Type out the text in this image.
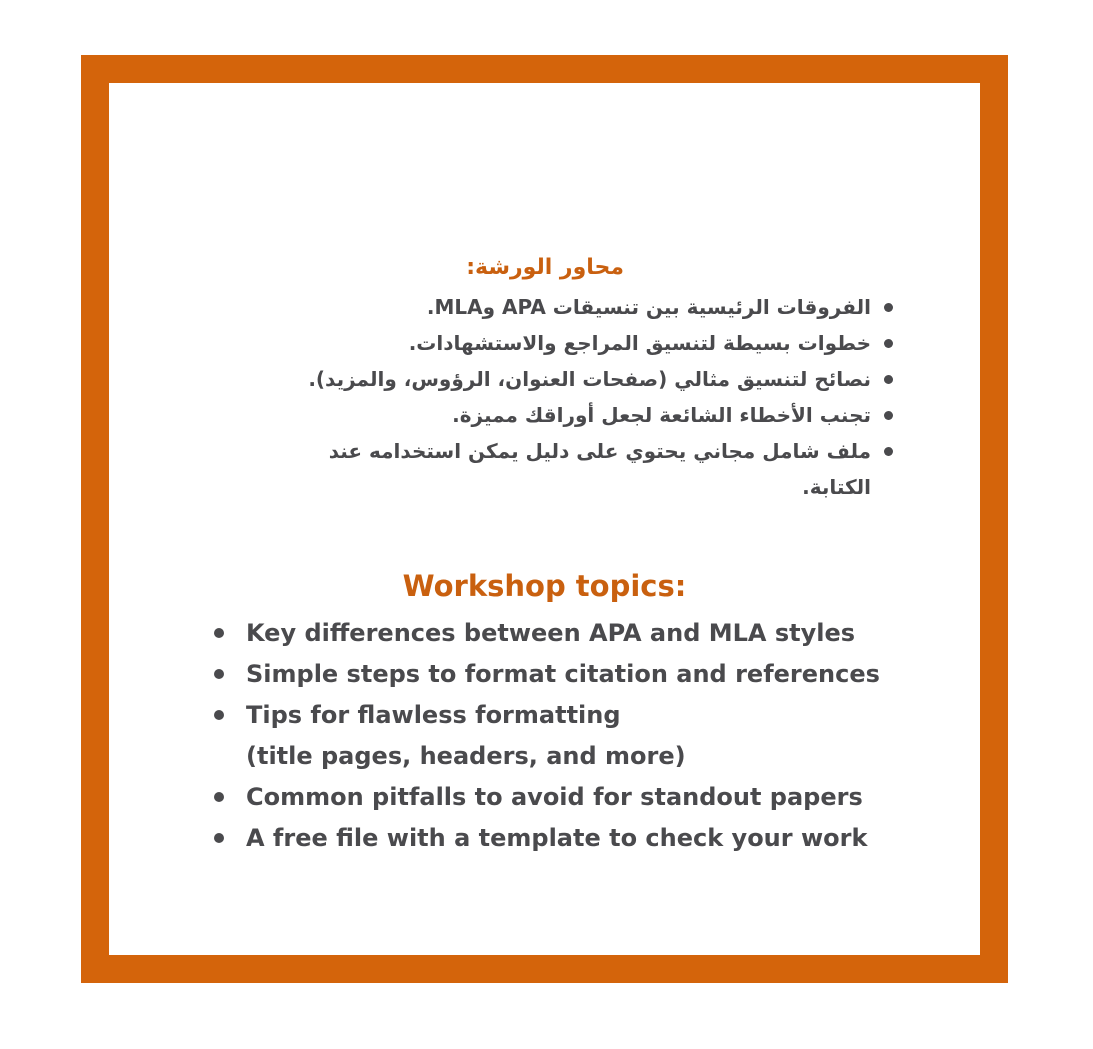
محاور الورشة:
الفروقات الرئيسية بين تنسيقات APA وMLA.
خطوات بسيطة لتنسيق المراجع والاستشهادات.
نصائح لتنسيق مثالي (صفحات العنوان، الرؤوس، والمزيد).
تجنب الأخطاء الشائعة لجعل أوراقك مميزة.
ملف شامل مجاني يحتوي على دليل يمكن استخدامه عند الكتابة.
Workshop topics:
Key differences between APA and MLA styles
Simple steps to format citation and references
Tips for flawless formatting
(title pages, headers, and more)
Common pitfalls to avoid for standout papers
A free file with a template to check your work
